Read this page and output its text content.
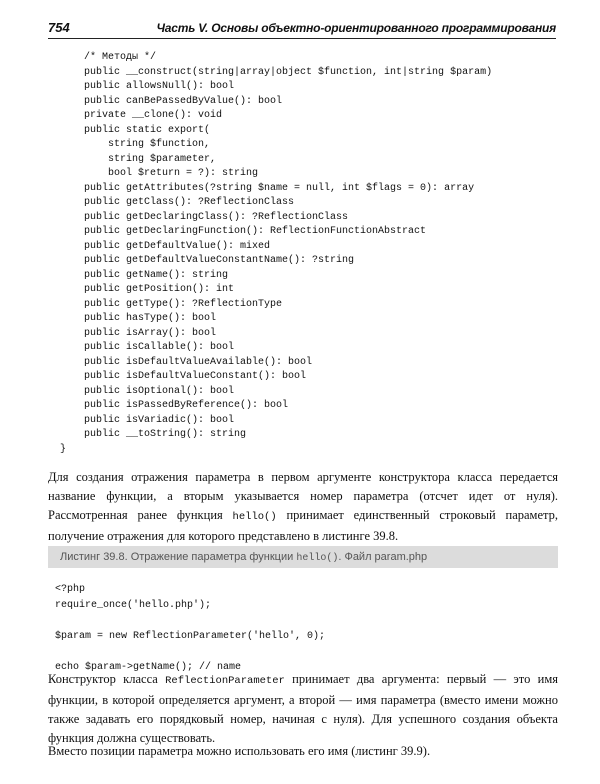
754	Часть V. Основы объектно-ориентированного программирования
/* Методы */
public __construct(string|array|object $function, int|string $param)
public allowsNull(): bool
public canBePassedByValue(): bool
private __clone(): void
public static export(
string $function,
string $parameter,
bool $return = ?): string
public getAttributes(?string $name = null, int $flags = 0): array
public getClass(): ?ReflectionClass
public getDeclaringClass(): ?ReflectionClass
public getDeclaringFunction(): ReflectionFunctionAbstract
public getDefaultValue(): mixed
public getDefaultValueConstantName(): ?string
public getName(): string
public getPosition(): int
public getType(): ?ReflectionType
public hasType(): bool
public isArray(): bool
public isCallable(): bool
public isDefaultValueAvailable(): bool
public isDefaultValueConstant(): bool
public isOptional(): bool
public isPassedByReference(): bool
public isVariadic(): bool
public __toString(): string
}

Для создания отражения параметра в первом аргументе конструктора класса передается название функции, а вторым указывается номер параметра (отсчет идет от нуля). Рассмотренная ранее функция hello() принимает единственный строковый параметр, получение отражения для которого представлено в листинге 39.8.

Листинг 39.8. Отражение параметра функции hello(). Файл param.php
<?php
require_once('hello.php');

$param = new ReflectionParameter('hello', 0);

echo $param->getName(); // name

Конструктор класса ReflectionParameter принимает два аргумента: первый — это имя функции, в которой определяется аргумент, а второй — имя параметра (вместо имени можно также задавать его порядковый номер, начиная с нуля). Для успешного создания объекта функция должна существовать.

Вместо позиции параметра можно использовать его имя (листинг 39.9).
